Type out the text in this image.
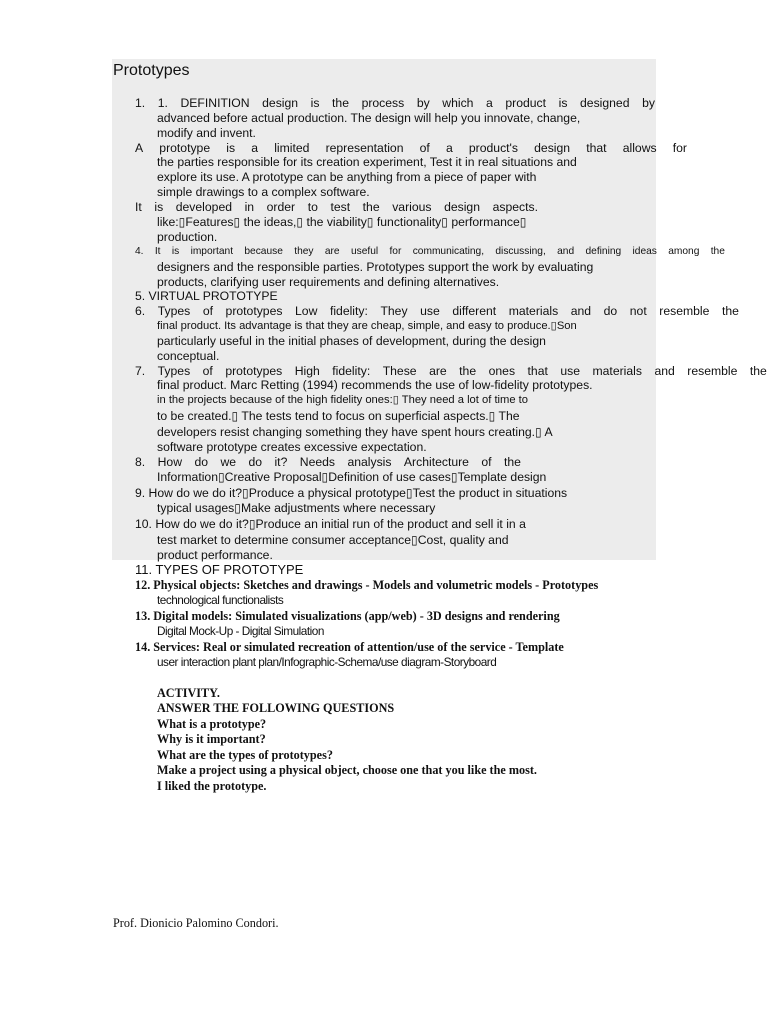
Prototypes
1. 1. DEFINITION design is the process by which a product is designed by
advanced before actual production. The design will help you innovate, change,
modify and invent.
A prototype is a limited representation of a product's design that allows for
the parties responsible for its creation experiment, Test it in real situations and
explore its use. A prototype can be anything from a piece of paper with
simple drawings to a complex software.
It is developed in order to test the various design aspects.
like:▯Features▯ the ideas,▯ the viability▯ functionality▯ performance▯
production.
4. It is important because they are useful for communicating, discussing, and defining ideas among the
designers and the responsible parties. Prototypes support the work by evaluating
products, clarifying user requirements and defining alternatives.
5. VIRTUAL PROTOTYPE
6. Types of prototypes Low fidelity: They use different materials and do not resemble the
final product. Its advantage is that they are cheap, simple, and easy to produce.▯Son
particularly useful in the initial phases of development, during the design
conceptual.
7. Types of prototypes High fidelity: These are the ones that use materials and resemble the
final product. Marc Retting (1994) recommends the use of low-fidelity prototypes.
in the projects because of the high fidelity ones:▯ They need a lot of time to
to be created.▯ The tests tend to focus on superficial aspects.▯ The
developers resist changing something they have spent hours creating.▯ A
software prototype creates excessive expectation.
8. How do we do it? Needs analysis Architecture of the
Information▯Creative Proposal▯Definition of use cases▯Template design
9. How do we do it?▯Produce a physical prototype▯Test the product in situations
typical usages▯Make adjustments where necessary
10. How do we do it?▯Produce an initial run of the product and sell it in a
test market to determine consumer acceptance▯Cost, quality and
product performance.
11. TYPES OF PROTOTYPE
12. Physical objects: Sketches and drawings - Models and volumetric models - Prototypes
technological functionalists
13. Digital models: Simulated visualizations (app/web) - 3D designs and rendering
Digital Mock-Up - Digital Simulation
14. Services: Real or simulated recreation of attention/use of the service - Template
user interaction plant plan/Infographic-Schema/use diagram-Storyboard
ACTIVITY.
ANSWER THE FOLLOWING QUESTIONS
What is a prototype?
Why is it important?
What are the types of prototypes?
Make a project using a physical object, choose one that you like the most.
I liked the prototype.
Prof. Dionicio Palomino Condori.
